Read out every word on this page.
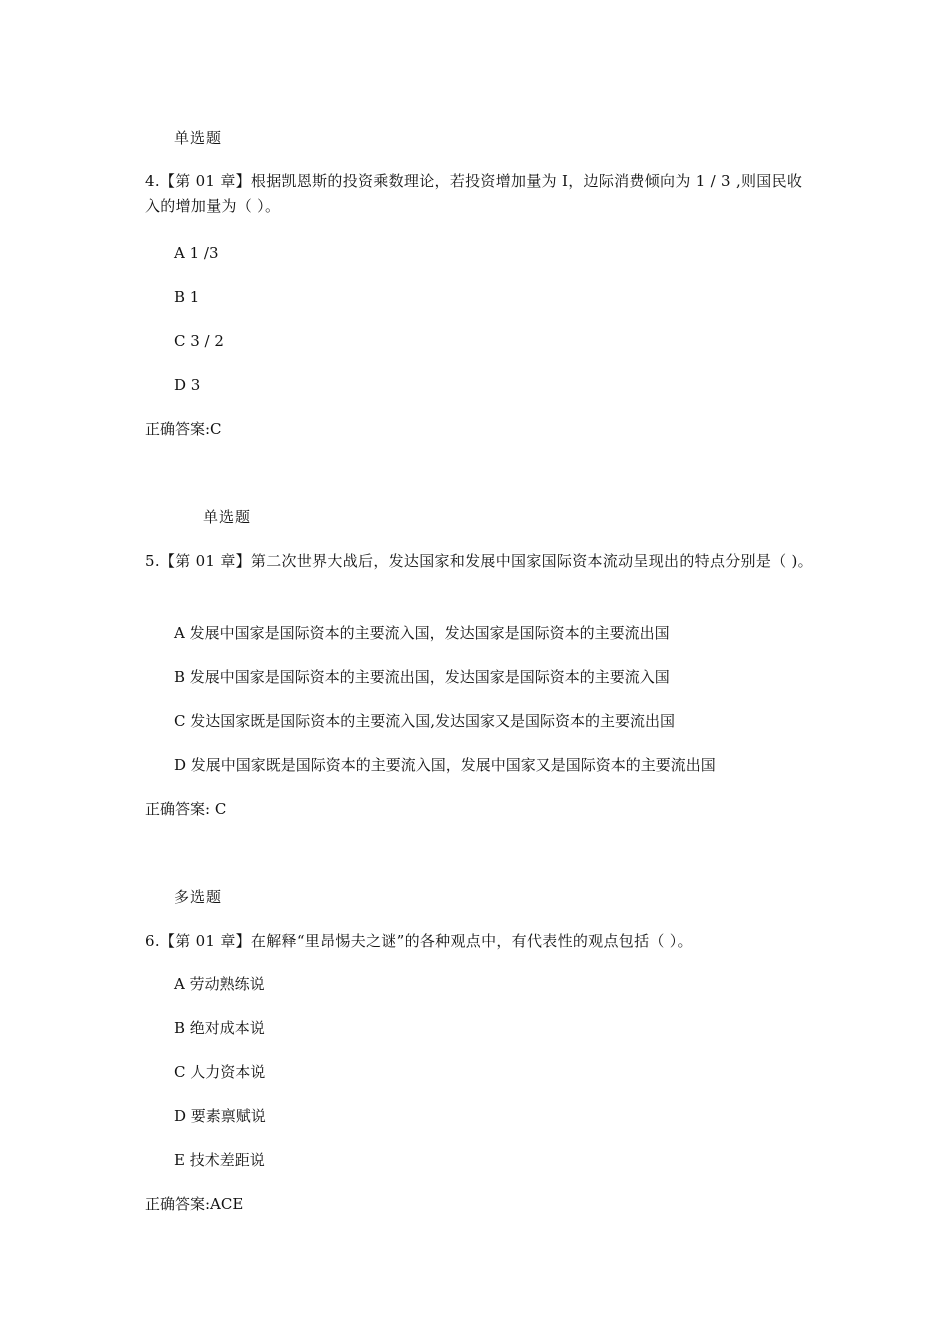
单选题
4.【第 01 章】根据凯恩斯的投资乘数理论，若投资增加量为 I，边际消费倾向为 1 / 3 ,则国民收入的增加量为（ ）。
A 1 /3
B 1
C 3 / 2
D 3
正确答案:C
单选题
5.【第 01 章】第二次世界大战后，发达国家和发展中国家国际资本流动呈现出的特点分别是（ )。
A 发展中国家是国际资本的主要流入国，发达国家是国际资本的主要流出国
B 发展中国家是国际资本的主要流出国，发达国家是国际资本的主要流入国
C 发达国家既是国际资本的主要流入国,发达国家又是国际资本的主要流出国
D 发展中国家既是国际资本的主要流入国，发展中国家又是国际资本的主要流出国
正确答案: C
多选题
6.【第 01 章】在解释“里昂惕夫之谜”的各种观点中，有代表性的观点包括（ ）。
A 劳动熟练说
B 绝对成本说
C 人力资本说
D 要素禀赋说
E 技术差距说
正确答案:ACE
